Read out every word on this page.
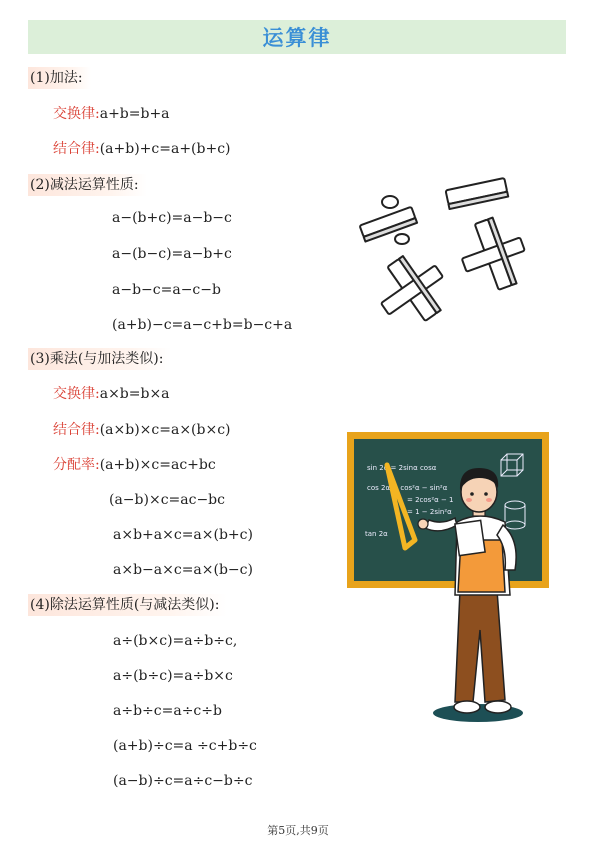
运算律
(1)加法:
交换律:a+b=b+a
结合律:(a+b)+c=a+(b+c)
(2)减法运算性质:
a−(b+c)=a−b−c
a−(b−c)=a−b+c
a−b−c=a−c−b
(a+b)−c=a−c+b=b−c+a
(3)乘法(与加法类似):
交换律:a×b=b×a
结合律:(a×b)×c=a×(b×c)
分配率:(a+b)×c=ac+bc
(a−b)×c=ac−bc
a×b+a×c=a×(b+c)
a×b−a×c=a×(b−c)
(4)除法运算性质(与减法类似):
a÷(b×c)=a÷b÷c,
a÷(b÷c)=a÷b×c
a÷b÷c=a÷c÷b
(a+b)÷c=a ÷c+b÷c
(a−b)÷c=a÷c−b÷c
sin 2α = 2sinα cosα
cos 2α = cos²α − sin²α
= 2cos²α − 1
= 1 − 2sin²α
tan 2α
第5页,共9页
